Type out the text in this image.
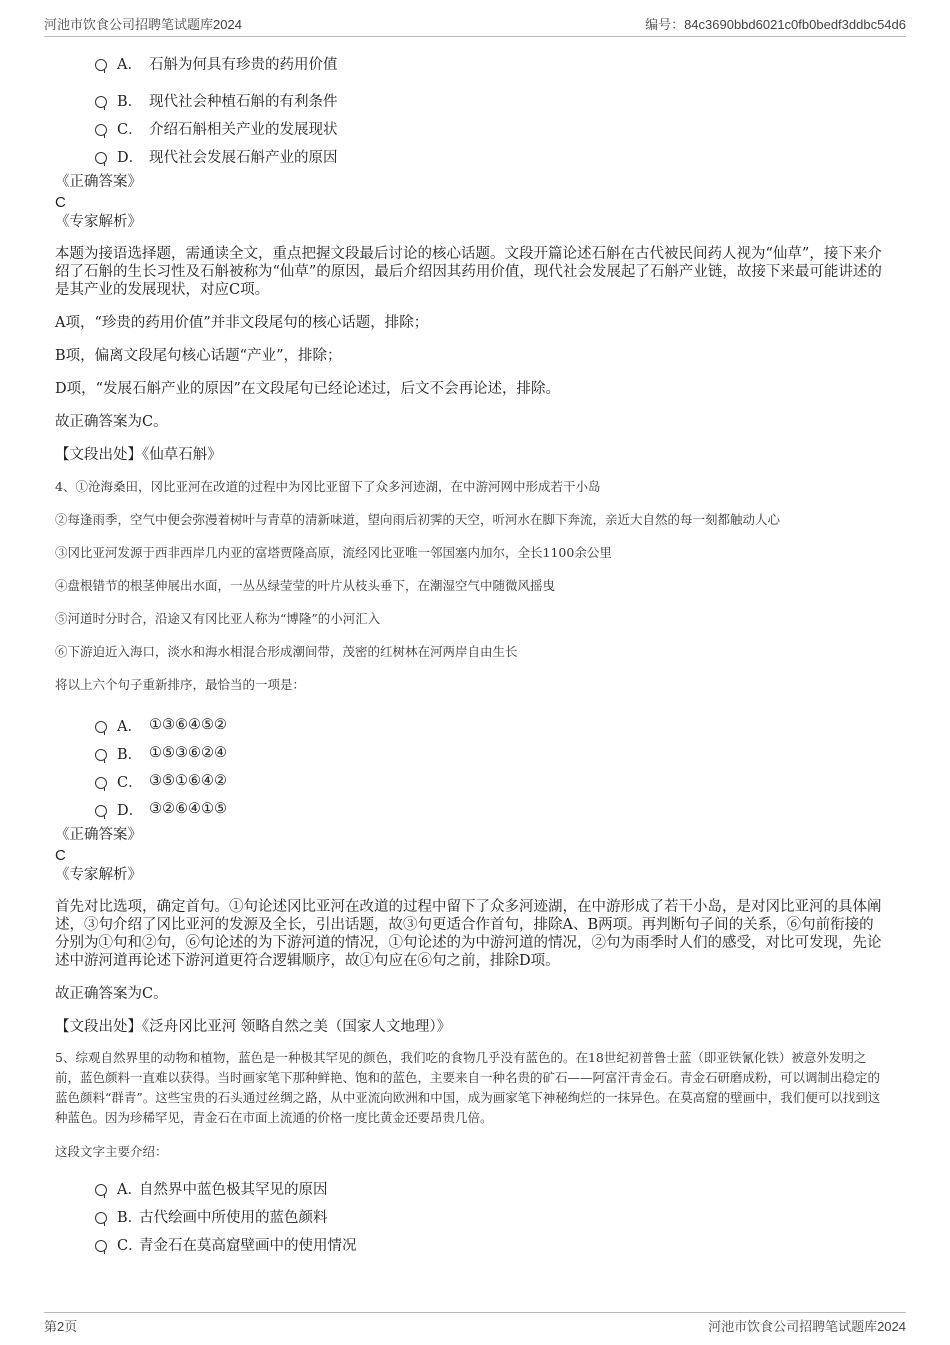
河池市饮食公司招聘笔试题库2024	编号：84c3690bbd6021c0fb0bedf3ddbc54d6
A． 石斛为何具有珍贵的药用价值
B． 现代社会种植石斛的有利条件
C． 介绍石斛相关产业的发展现状
D． 现代社会发展石斛产业的原因
《正确答案》
C
《专家解析》

本题为接语选择题，需通读全文，重点把握文段最后讨论的核心话题。文段开篇论述石斛在古代被民间药人视为“仙草”，接下来介绍了石斛的生长习性及石斛被称为“仙草”的原因，最后介绍因其药用价值，现代社会发展起了石斛产业链，故接下来最可能讲述的是其产业的发展现状，对应C项。

A项，“珍贵的药用价值”并非文段尾句的核心话题，排除；

B项，偏离文段尾句核心话题“产业”，排除；

D项，“发展石斛产业的原因”在文段尾句已经论述过，后文不会再论述，排除。

故正确答案为C。

【文段出处】《仙草石斛》

4、①沧海桑田，冈比亚河在改道的过程中为冈比亚留下了众多河迹湖，在中游河网中形成若干小岛

②每逢雨季，空气中便会弥漫着树叶与青草的清新味道，望向雨后初霁的天空，听河水在脚下奔流，亲近大自然的每一刻都触动人心

③冈比亚河发源于西非西岸几内亚的富塔贾隆高原，流经冈比亚唯一邻国塞内加尔，全长1100余公里

④盘根错节的根茎伸展出水面，一丛丛绿莹莹的叶片从枝头垂下，在潮湿空气中随微风摇曳

⑤河道时分时合，沿途又有冈比亚人称为“博隆”的小河汇入

⑥下游迫近入海口，淡水和海水相混合形成潮间带，茂密的红树林在河两岸自由生长

将以上六个句子重新排序，最恰当的一项是：

A． ①③⑥④⑤②
B． ①⑤③⑥②④
C． ③⑤①⑥④②
D． ③②⑥④①⑤
《正确答案》
C
《专家解析》

首先对比选项，确定首句。①句论述冈比亚河在改道的过程中留下了众多河迹湖，在中游形成了若干小岛，是对冈比亚河的具体阐述，③句介绍了冈比亚河的发源及全长，引出话题，故③句更适合作首句，排除A、B两项。再判断句子间的关系，⑥句前衔接的分别为①句和②句，⑥句论述的为下游河道的情况，①句论述的为中游河道的情况，②句为雨季时人们的感受，对比可发现，先论述中游河道再论述下游河道更符合逻辑顺序，故①句应在⑥句之前，排除D项。

故正确答案为C。

【文段出处】《泛舟冈比亚河 领略自然之美（国家人文地理）》

5、综观自然界里的动物和植物，蓝色是一种极其罕见的颜色，我们吃的食物几乎没有蓝色的。在18世纪初普鲁士蓝（即亚铁氰化铁）被意外发明之前，蓝色颜料一直难以获得。当时画家笔下那种鲜艳、饱和的蓝色，主要来自一种名贵的矿石——阿富汗青金石。青金石研磨成粉，可以调制出稳定的蓝色颜料“群青”。这些宝贵的石头通过丝绸之路，从中亚流向欧洲和中国，成为画家笔下神秘绚烂的一抹异色。在莫高窟的壁画中，我们便可以找到这种蓝色。因为珍稀罕见，青金石在市面上流通的价格一度比黄金还要昂贵几倍。

这段文字主要介绍：

A．
自然界中蓝色极其罕见的原因
B．
古代绘画中所使用的蓝色颜料
C．
青金石在莫高窟壁画中的使用情况
第2页	河池市饮食公司招聘笔试题库2024
